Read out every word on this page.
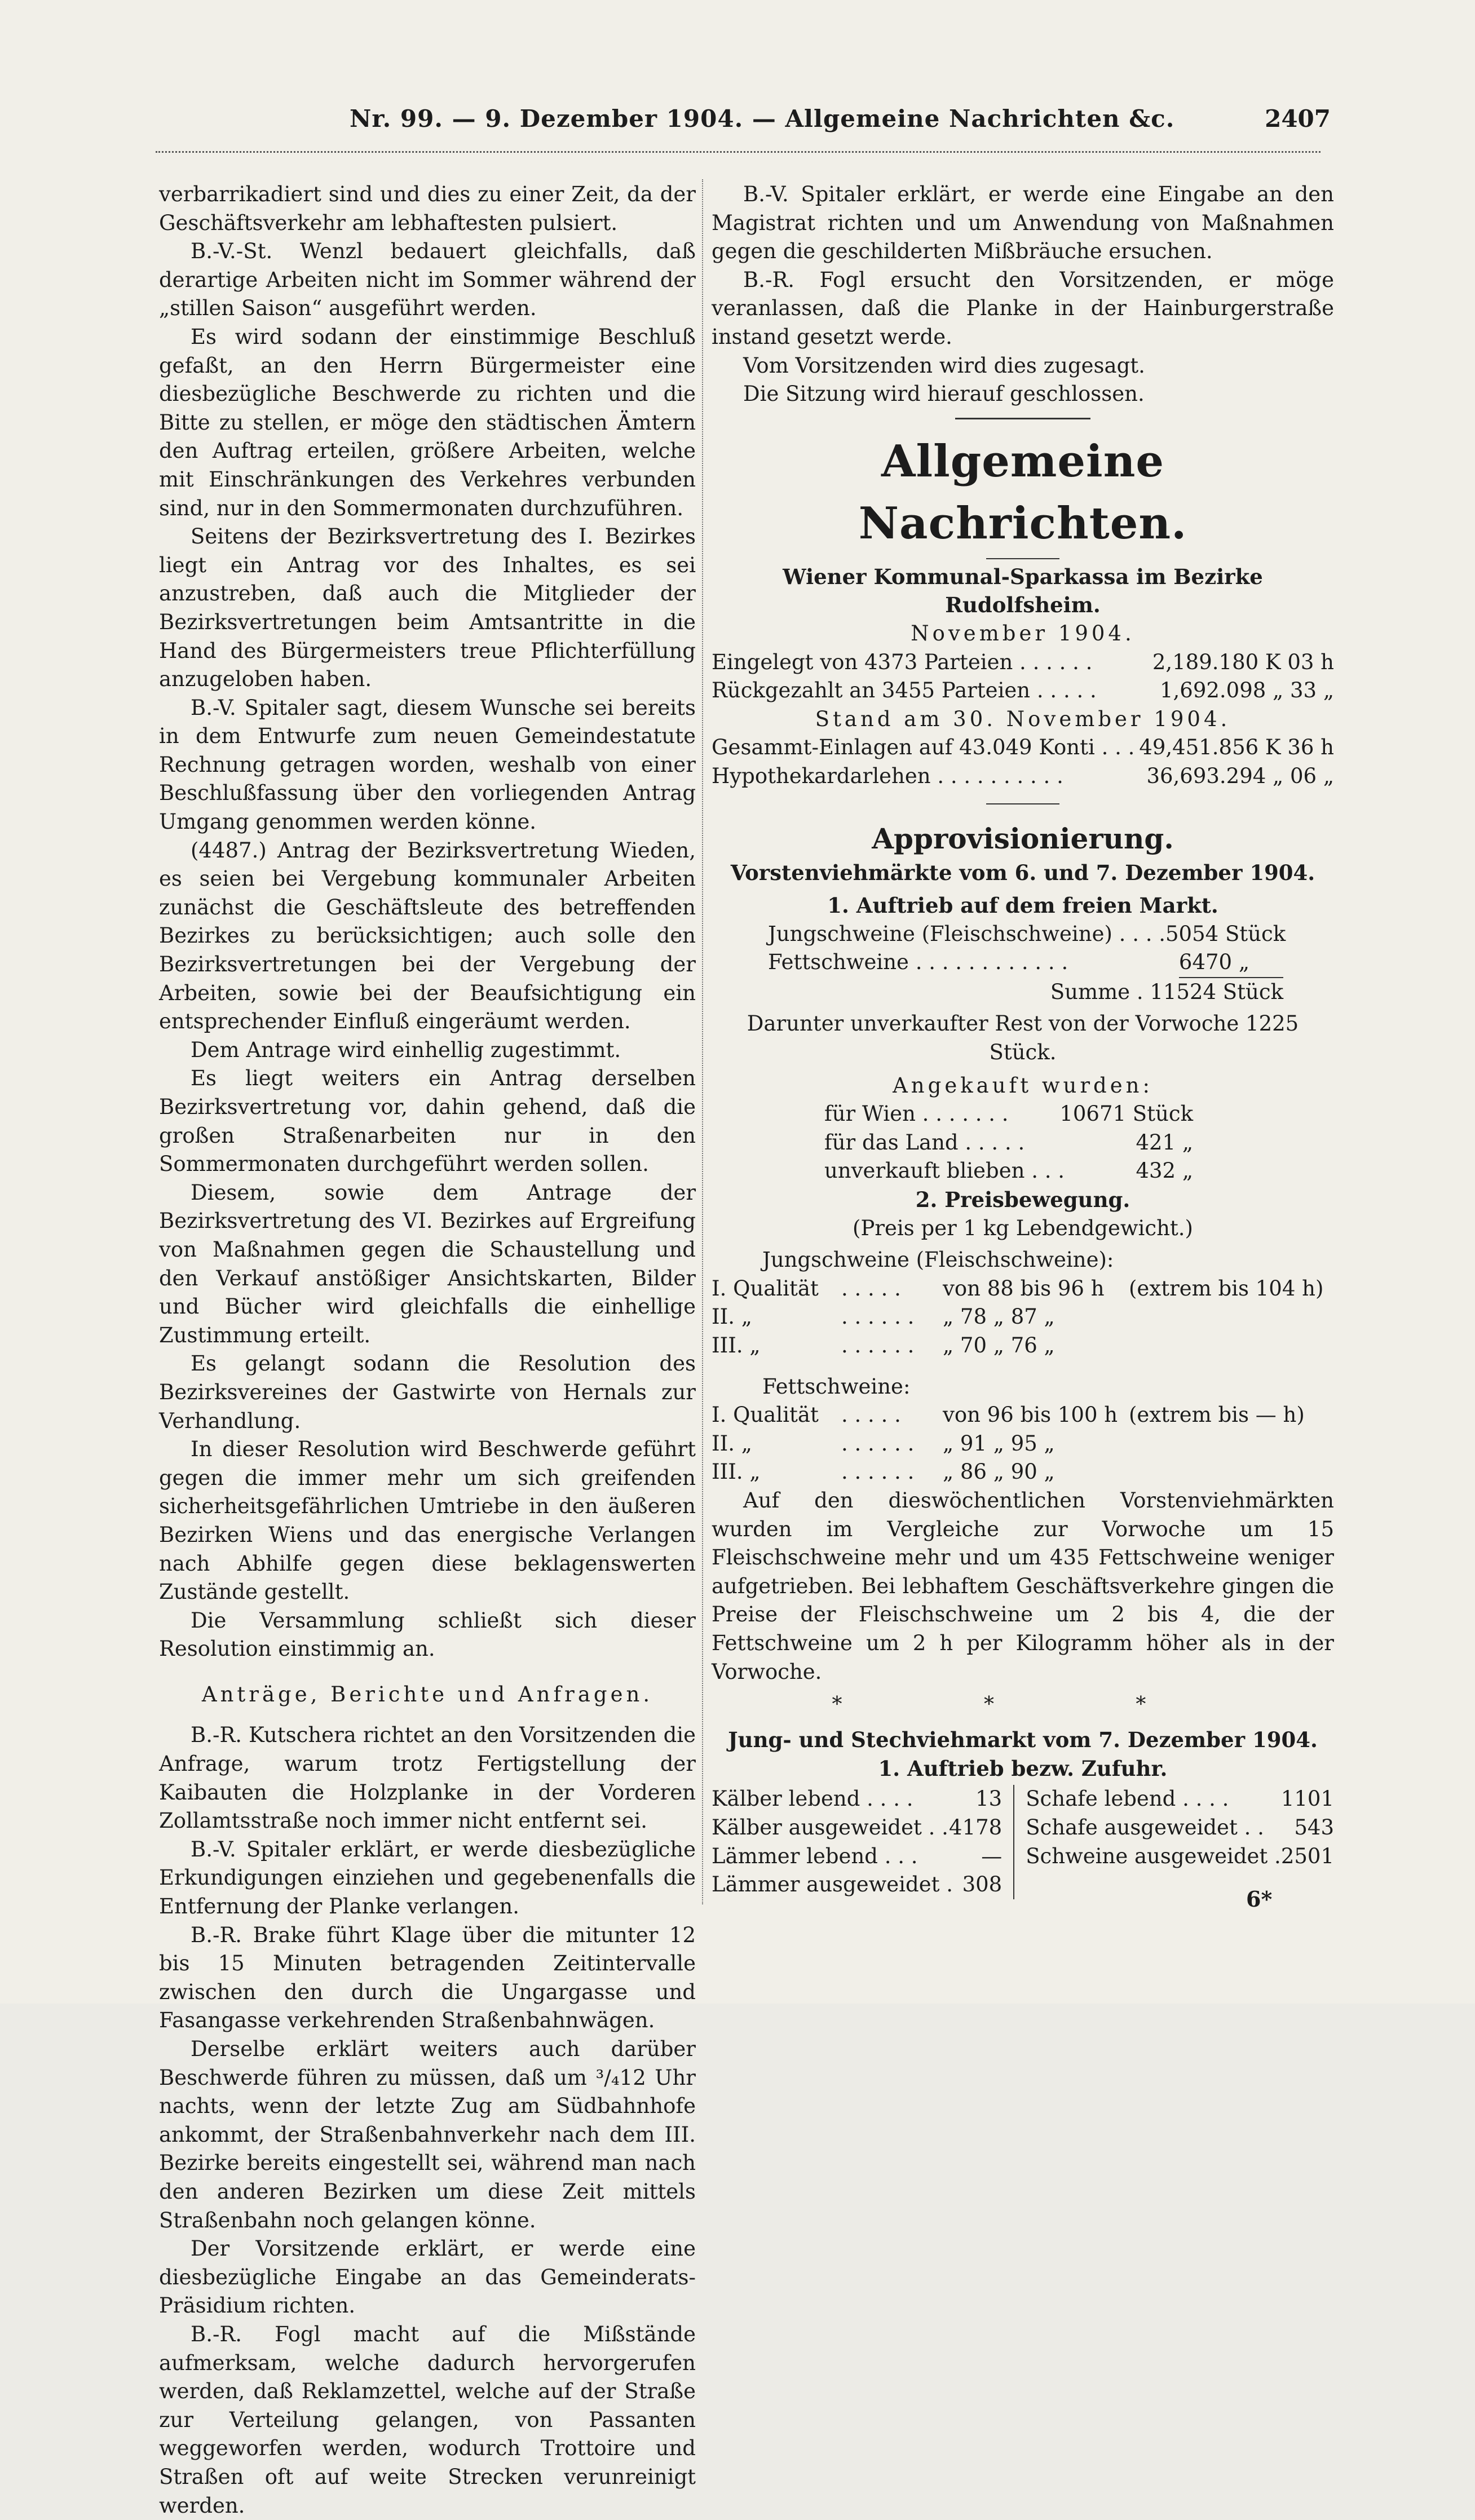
Nr. 99. — 9. Dezember 1904. — Allgemeine Nachrichten &c.	2407

verbarrikadiert sind und dies zu einer Zeit, da der Geschäftsverkehr am lebhaftesten pulsiert.

B.-V.-St. Wenzl bedauert gleichfalls, daß derartige Arbeiten nicht im Sommer während der „stillen Saison“ ausgeführt werden.

Es wird sodann der einstimmige Beschluß gefaßt, an den Herrn Bürgermeister eine diesbezügliche Beschwerde zu richten und die Bitte zu stellen, er möge den städtischen Ämtern den Auftrag erteilen, größere Arbeiten, welche mit Einschränkungen des Verkehres verbunden sind, nur in den Sommermonaten durchzuführen.

Seitens der Bezirksvertretung des I. Bezirkes liegt ein Antrag vor des Inhaltes, es sei anzustreben, daß auch die Mitglieder der Bezirksvertretungen beim Amtsantritte in die Hand des Bürgermeisters treue Pflichterfüllung anzugeloben haben.

B.-V. Spitaler sagt, diesem Wunsche sei bereits in dem Entwurfe zum neuen Gemeindestatute Rechnung getragen worden, weshalb von einer Beschlußfassung über den vorliegenden Antrag Umgang genommen werden könne.

(4487.) Antrag der Bezirksvertretung Wieden, es seien bei Vergebung kommunaler Arbeiten zunächst die Geschäftsleute des betreffenden Bezirkes zu berücksichtigen; auch solle den Bezirksvertretungen bei der Vergebung der Arbeiten, sowie bei der Beaufsichtigung ein entsprechender Einfluß eingeräumt werden.

Dem Antrage wird einhellig zugestimmt.

Es liegt weiters ein Antrag derselben Bezirksvertretung vor, dahin gehend, daß die großen Straßenarbeiten nur in den Sommermonaten durchgeführt werden sollen.

Diesem, sowie dem Antrage der Bezirksvertretung des VI. Bezirkes auf Ergreifung von Maßnahmen gegen die Schaustellung und den Verkauf anstößiger Ansichtskarten, Bilder und Bücher wird gleichfalls die einhellige Zustimmung erteilt.

Es gelangt sodann die Resolution des Bezirksvereines der Gastwirte von Hernals zur Verhandlung.

In dieser Resolution wird Beschwerde geführt gegen die immer mehr um sich greifenden sicherheitsgefährlichen Umtriebe in den äußeren Bezirken Wiens und das energische Verlangen nach Abhilfe gegen diese beklagenswerten Zustände gestellt.

Die Versammlung schließt sich dieser Resolution einstimmig an.

Anträge, Berichte und Anfragen.

B.-R. Kutschera richtet an den Vorsitzenden die Anfrage, warum trotz Fertigstellung der Kaibauten die Holzplanke in der Vorderen Zollamtsstraße noch immer nicht entfernt sei.

B.-V. Spitaler erklärt, er werde diesbezügliche Erkundigungen einziehen und gegebenenfalls die Entfernung der Planke verlangen.

B.-R. Brake führt Klage über die mitunter 12 bis 15 Minuten betragenden Zeitintervalle zwischen den durch die Ungargasse und Fasangasse verkehrenden Straßenbahnwägen.

Derselbe erklärt weiters auch darüber Beschwerde führen zu müssen, daß um ³/₄12 Uhr nachts, wenn der letzte Zug am Südbahnhofe ankommt, der Straßenbahnverkehr nach dem III. Bezirke bereits eingestellt sei, während man nach den anderen Bezirken um diese Zeit mittels Straßenbahn noch gelangen könne.

Der Vorsitzende erklärt, er werde eine diesbezügliche Eingabe an das Gemeinderats-Präsidium richten.

B.-R. Fogl macht auf die Mißstände aufmerksam, welche dadurch hervorgerufen werden, daß Reklamzettel, welche auf der Straße zur Verteilung gelangen, von Passanten weggeworfen werden, wodurch Trottoire und Straßen oft auf weite Strecken verunreinigt werden.

B.-V. Spitaler erklärt, er werde eine Eingabe an den Magistrat richten und um Anwendung von Maßnahmen gegen die geschilderten Mißbräuche ersuchen.

B.-R. Fogl ersucht den Vorsitzenden, er möge veranlassen, daß die Planke in der Hainburgerstraße instand gesetzt werde.

Vom Vorsitzenden wird dies zugesagt.

Die Sitzung wird hierauf geschlossen.

Allgemeine Nachrichten.

Wiener Kommunal-Sparkassa im Bezirke Rudolfsheim.

November 1904.

Eingelegt von 4373 Parteien . . . . . .	2,189.180 K 03 h
Rückgezahlt an 3455 Parteien . . . . .	1,692.098 „ 33 „

Stand am 30. November 1904.

Gesammt-Einlagen auf 43.049 Konti . . . 49,451.856 K 36 h
Hypothekardarlehen . . . . . . . . . .	36,693.294 „ 06 „
Approvisionierung.

Vorstenviehmärkte vom 6. und 7. Dezember 1904.

1. Auftrieb auf dem freien Markt.

Jungschweine (Fleischschweine) . . . . 5054 Stück
Fettschweine . . . . . . . . . . . .	6470 „
Summe . 11524 Stück

Darunter unverkaufter Rest von der Vorwoche 1225 Stück.

Angekauft wurden:

für Wien . . . . . . . 10671 Stück
für das Land . . . . .	421 „
unverkauft blieben . . .	432 „

2. Preisbewegung.

(Preis per 1 kg Lebendgewicht.)

Jungschweine (Fleischschweine):

I. Qualität	. . . . .	von 88 bis 96 h	(extrem bis 104 h)
II. „	. . . . . .	„ 78 „ 87 „	
III. „	. . . . . .	„ 70 „ 76 „	

Fettschweine:

I. Qualität	. . . . .	von 96 bis 100 h	(extrem bis — h)
II. „	. . . . . .	„ 91 „ 95 „	
III. „	. . . . . .	„ 86 „ 90 „	

Auf den dieswöchentlichen Vorstenviehmärkten wurden im Vergleiche zur Vorwoche um 15 Fleischschweine mehr und um 435 Fettschweine weniger aufgetrieben. Bei lebhaftem Geschäftsverkehre gingen die Preise der Fleischschweine um 2 bis 4, die der Fettschweine um 2 h per Kilogramm höher als in der Vorwoche.

* * *

Jung- und Stechviehmarkt vom 7. Dezember 1904.

1. Auftrieb bezw. Zufuhr.

Kälber lebend . . . .	13
Kälber ausgeweidet . . 4178
Lämmer lebend . . .	—
Lämmer ausgeweidet . 308
Schafe lebend . . . . 1101
Schafe ausgeweidet . . 543
Schweine ausgeweidet . 2501
6*
